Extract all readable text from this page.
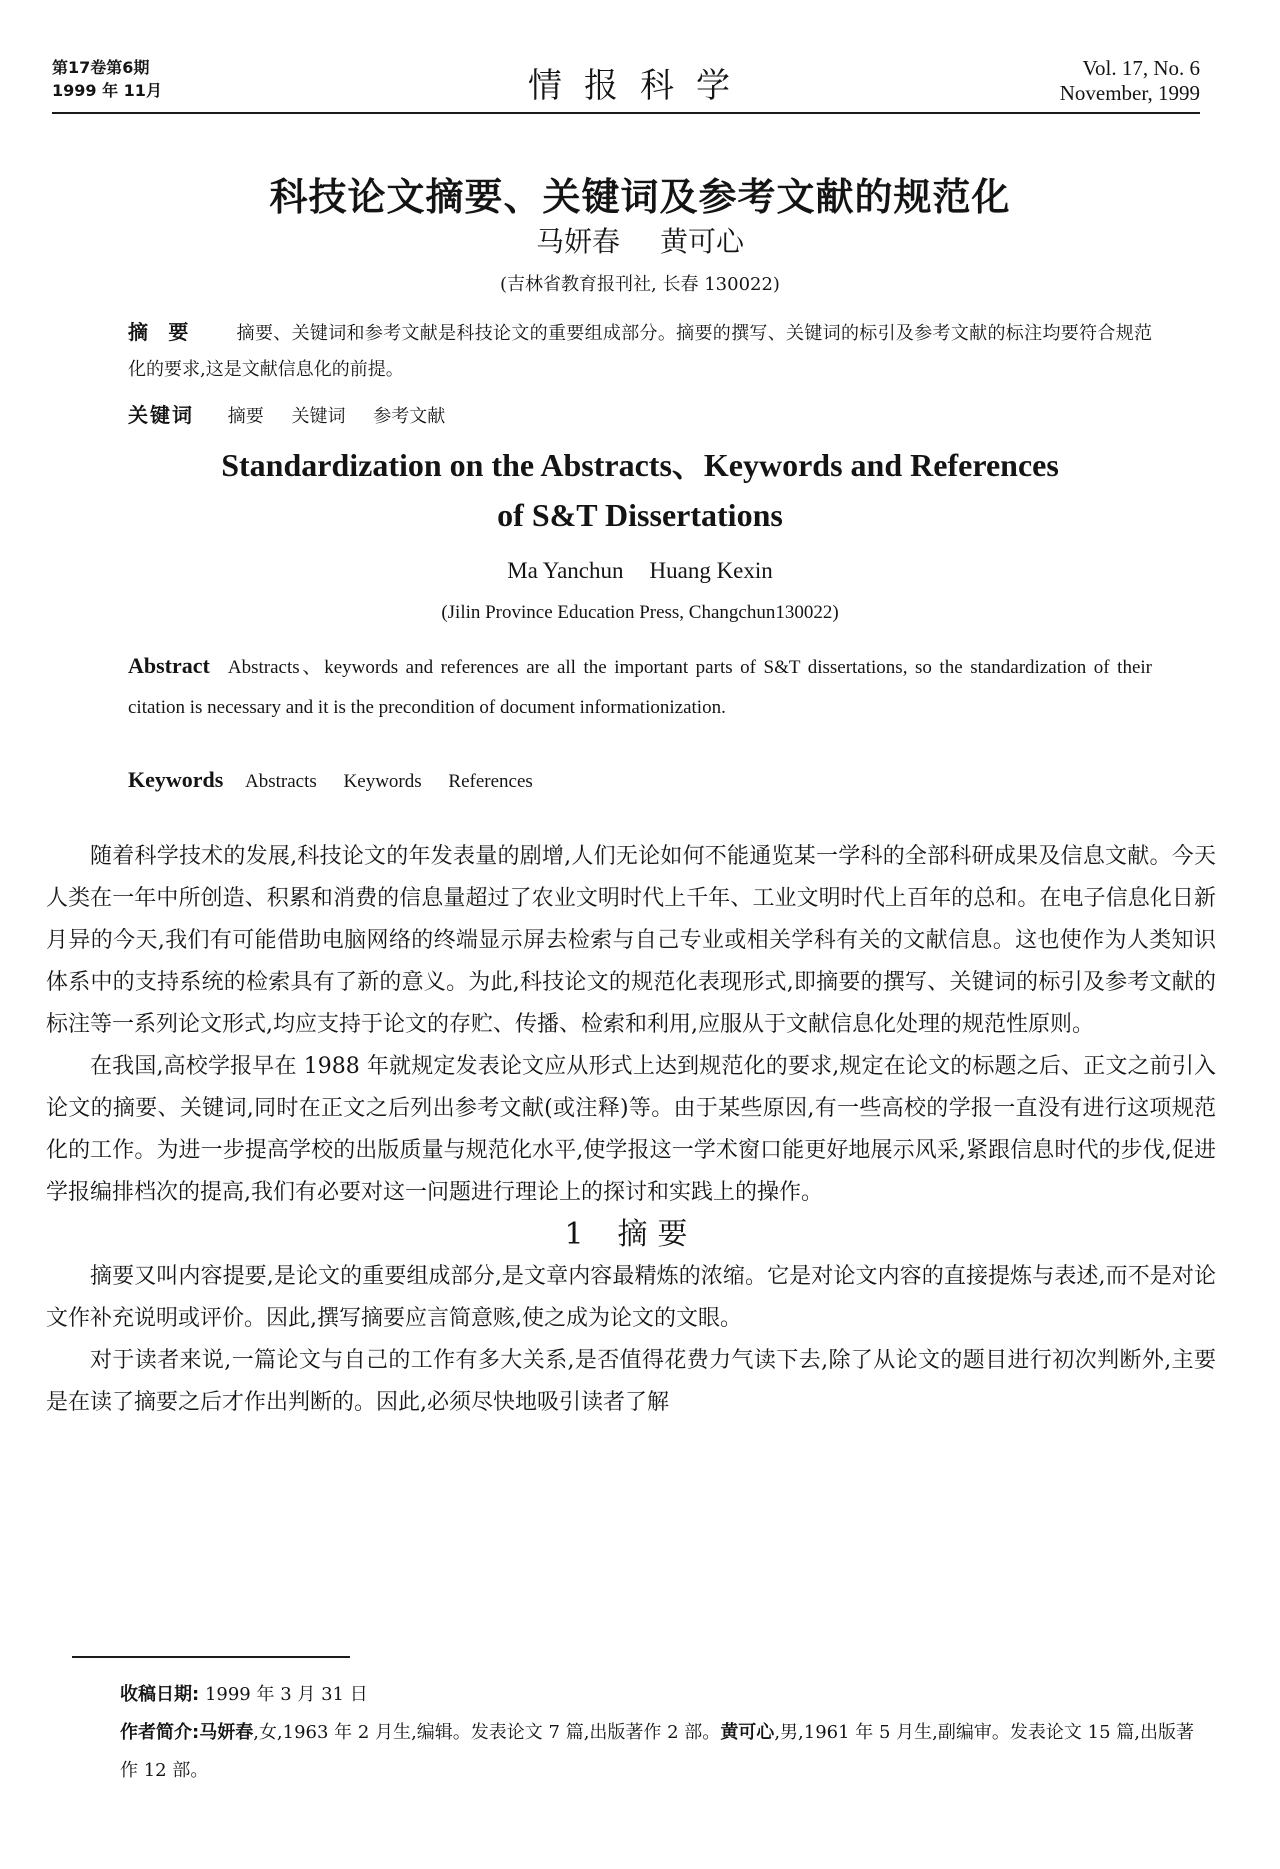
第17卷第6期
1999 年 11月	情报科学	Vol. 17, No. 6
November, 1999
科技论文摘要、关键词及参考文献的规范化
马妍春 黄可心
(吉林省教育报刊社, 长春 130022)
摘要 摘要、关键词和参考文献是科技论文的重要组成部分。摘要的撰写、关键词的标引及参考文献的标注均要符合规范化的要求,这是文献信息化的前提。
关键词 摘要 关键词 参考文献
Standardization on the Abstracts、Keywords and References
of S&T Dissertations
Ma Yanchun Huang Kexin
(Jilin Province Education Press, Changchun130022)
Abstract Abstracts、keywords and references are all the important parts of S&T dissertations, so the standardization of their citation is necessary and it is the precondition of document informationization.
Keywords Abstracts Keywords References

随着科学技术的发展,科技论文的年发表量的剧增,人们无论如何不能通览某一学科的全部科研成果及信息文献。今天人类在一年中所创造、积累和消费的信息量超过了农业文明时代上千年、工业文明时代上百年的总和。在电子信息化日新月异的今天,我们有可能借助电脑网络的终端显示屏去检索与自己专业或相关学科有关的文献信息。这也使作为人类知识体系中的支持系统的检索具有了新的意义。为此,科技论文的规范化表现形式,即摘要的撰写、关键词的标引及参考文献的标注等一系列论文形式,均应支持于论文的存贮、传播、检索和利用,应服从于文献信息化处理的规范性原则。

在我国,高校学报早在 1988 年就规定发表论文应从形式上达到规范化的要求,规定在论文的标题之后、正文之前引入论文的摘要、关键词,同时在正文之后列出参考文献(或注释)等。由于某些原因,有一些高校的学报一直没有进行这项规范化的工作。为进一步提高学校的出版质量与规范化水平,使学报这一学术窗口能更好地展示风采,紧跟信息时代的步伐,促进学报编排档次的提高,我们有必要对这一问题进行理论上的探讨和实践上的操作。

1 摘要

摘要又叫内容提要,是论文的重要组成部分,是文章内容最精炼的浓缩。它是对论文内容的直接提炼与表述,而不是对论文作补充说明或评价。因此,撰写摘要应言简意赅,使之成为论文的文眼。

对于读者来说,一篇论文与自己的工作有多大关系,是否值得花费力气读下去,除了从论文的题目进行初次判断外,主要是在读了摘要之后才作出判断的。因此,必须尽快地吸引读者了解

收稿日期: 1999 年 3 月 31 日
作者简介:马妍春,女,1963 年 2 月生,编辑。发表论文 7 篇,出版著作 2 部。黄可心,男,1961 年 5 月生,副编审。发表论文 15 篇,出版著作 12 部。
